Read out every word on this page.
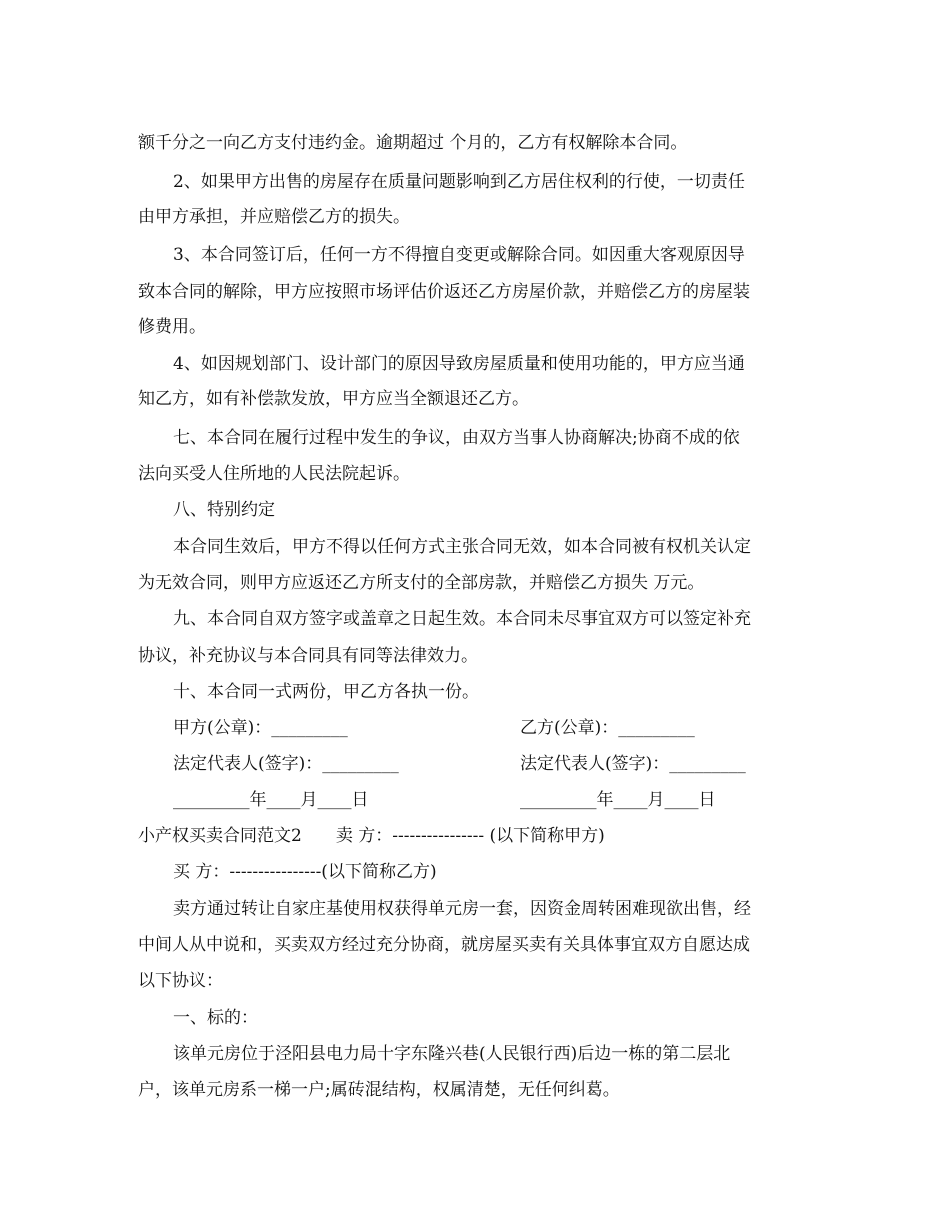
额千分之一向乙方支付违约金。逾期超过 个月的，乙方有权解除本合同。
2、如果甲方出售的房屋存在质量问题影响到乙方居住权利的行使，一切责任
由甲方承担，并应赔偿乙方的损失。
3、本合同签订后，任何一方不得擅自变更或解除合同。如因重大客观原因导
致本合同的解除，甲方应按照市场评估价返还乙方房屋价款，并赔偿乙方的房屋装
修费用。
4、如因规划部门、设计部门的原因导致房屋质量和使用功能的，甲方应当通
知乙方，如有补偿款发放，甲方应当全额退还乙方。
七、本合同在履行过程中发生的争议，由双方当事人协商解决;协商不成的依
法向买受人住所地的人民法院起诉。
八、特别约定
本合同生效后，甲方不得以任何方式主张合同无效，如本合同被有权机关认定
为无效合同，则甲方应返还乙方所支付的全部房款，并赔偿乙方损失 万元。
九、本合同自双方签字或盖章之日起生效。本合同未尽事宜双方可以签定补充
协议，补充协议与本合同具有同等法律效力。
十、本合同一式两份，甲乙方各执一份。
甲方(公章)：_________	乙方(公章)：_________
法定代表人(签字)：_________	法定代表人(签字)：_________
_________年____月____日	_________年____月____日
小产权买卖合同范文2　　卖 方：---------------- (以下简称甲方)
买 方：----------------(以下简称乙方)
卖方通过转让自家庄基使用权获得单元房一套，因资金周转困难现欲出售，经
中间人从中说和，买卖双方经过充分协商，就房屋买卖有关具体事宜双方自愿达成
以下协议：
一、标的：
该单元房位于泾阳县电力局十字东隆兴巷(人民银行西)后边一栋的第二层北
户，该单元房系一梯一户;属砖混结构，权属清楚，无任何纠葛。
